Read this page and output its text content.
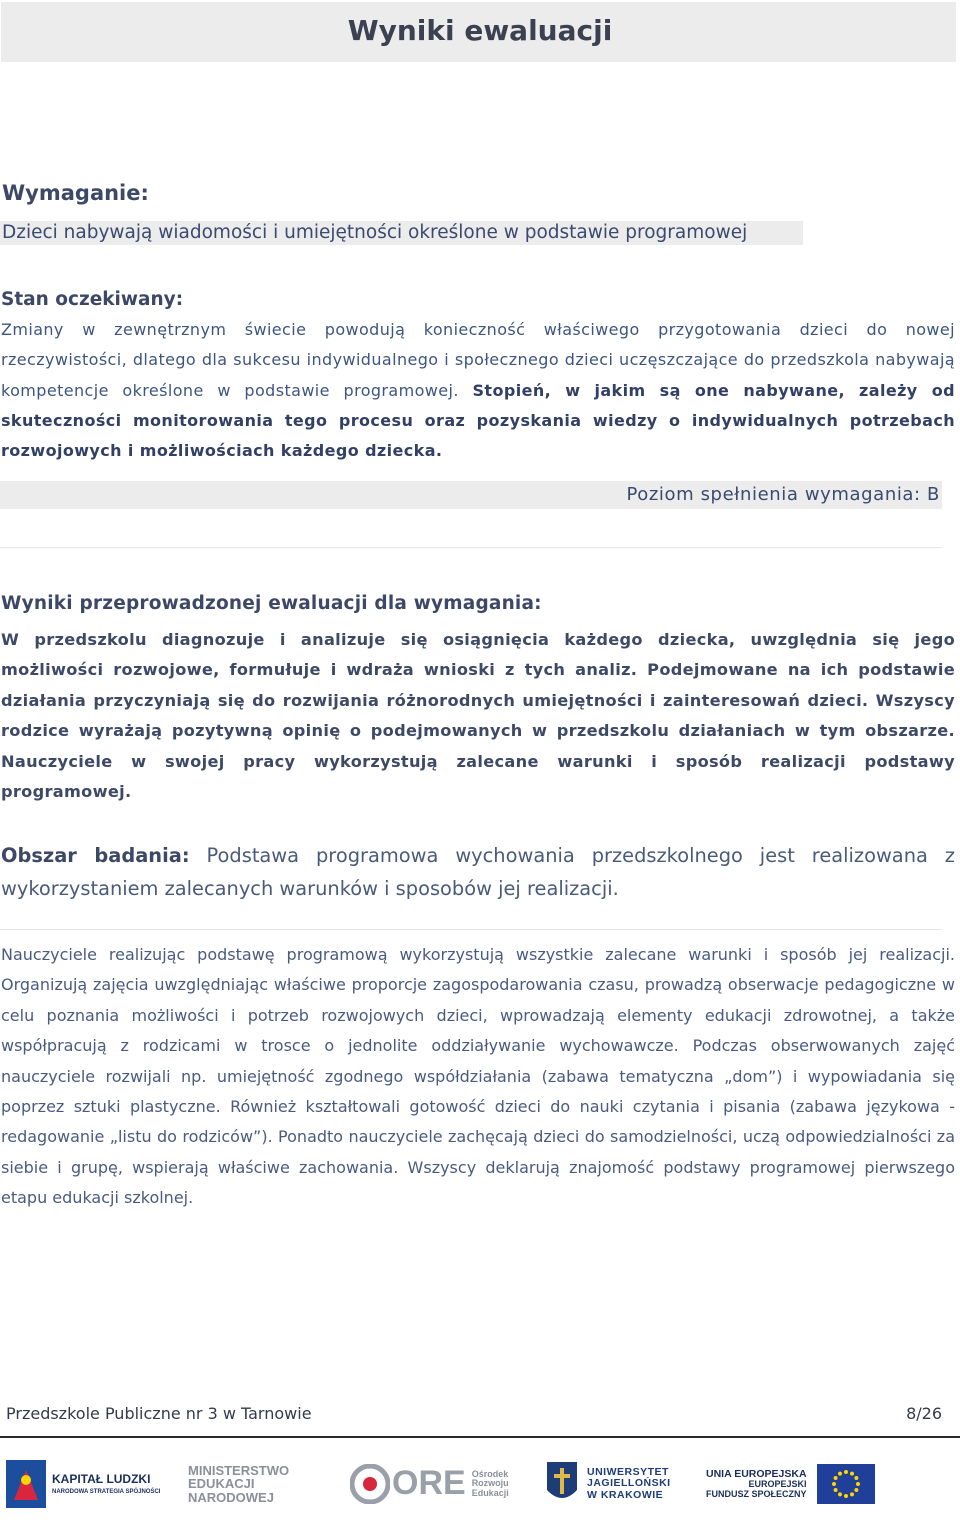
Wyniki ewaluacji
Wymaganie:
Dzieci nabywają wiadomości i umiejętności określone w podstawie programowej
Stan oczekiwany:
Zmiany w zewnętrznym świecie powodują konieczność właściwego przygotowania dzieci do nowej rzeczywistości, dlatego dla sukcesu indywidualnego i społecznego dzieci uczęszczające do przedszkola nabywają kompetencje określone w podstawie programowej. Stopień, w jakim są one nabywane, zależy od skuteczności monitorowania tego procesu oraz pozyskania wiedzy o indywidualnych potrzebach rozwojowych i możliwościach każdego dziecka.
Poziom spełnienia wymagania: B
Wyniki przeprowadzonej ewaluacji dla wymagania:
W przedszkolu diagnozuje i analizuje się osiągnięcia każdego dziecka, uwzględnia się jego możliwości rozwojowe, formułuje i wdraża wnioski z tych analiz. Podejmowane na ich podstawie działania przyczyniają się do rozwijania różnorodnych umiejętności i zainteresowań dzieci. Wszyscy rodzice wyrażają pozytywną opinię o podejmowanych w przedszkolu działaniach w tym obszarze. Nauczyciele w swojej pracy wykorzystują zalecane warunki i sposób realizacji podstawy programowej.
Obszar badania: Podstawa programowa wychowania przedszkolnego jest realizowana z wykorzystaniem zalecanych warunków i sposobów jej realizacji.
Nauczyciele realizując podstawę programową wykorzystują wszystkie zalecane warunki i sposób jej realizacji. Organizują zajęcia uwzględniając właściwe proporcje zagospodarowania czasu, prowadzą obserwacje pedagogiczne w celu poznania możliwości i potrzeb rozwojowych dzieci, wprowadzają elementy edukacji zdrowotnej, a także współpracują z rodzicami w trosce o jednolite oddziaływanie wychowawcze. Podczas obserwowanych zajęć nauczyciele rozwijali np. umiejętność zgodnego współdziałania (zabawa tematyczna „dom”) i wypowiadania się poprzez sztuki plastyczne. Również kształtowali gotowość dzieci do nauki czytania i pisania (zabawa językowa - redagowanie „listu do rodziców”). Ponadto nauczyciele zachęcają dzieci do samodzielności, uczą odpowiedzialności za siebie i grupę, wspierają właściwe zachowania. Wszyscy deklarują znajomość podstawy programowej pierwszego etapu edukacji szkolnej.
Przedszkole Publiczne nr 3 w Tarnowie	8/26
KAPITAŁ LUDZKI
NARODOWA STRATEGIA SPÓJNOŚCI
MINISTERSTWO
EDUKACJI
NARODOWEJ	ORE Ośrodek
Rozwoju
Edukacji
UNIWERSYTET
JAGIELLOŃSKI
W KRAKOWIE
UNIA EUROPEJSKA
EUROPEJSKI
FUNDUSZ SPOŁECZNY
